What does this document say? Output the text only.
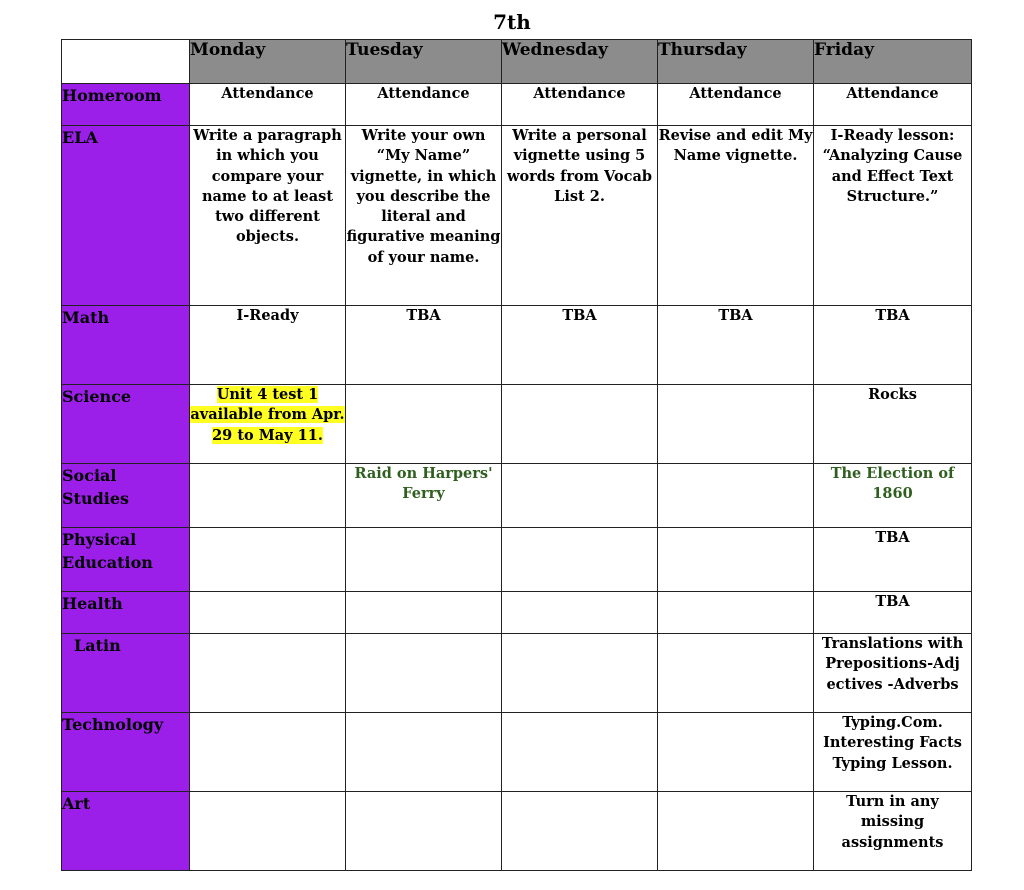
7th
	Monday	Tuesday	Wednesday	Thursday	Friday
Homeroom	Attendance	Attendance	Attendance	Attendance	Attendance
ELA	Write a paragraph in which you compare your name to at least two different objects.	Write your own “My Name” vignette, in which you describe the literal and figurative meaning of your name.	Write a personal vignette using 5 words from Vocab List 2.	Revise and edit My Name vignette.	I-Ready lesson: “Analyzing Cause and Effect Text Structure.”
Math	I-Ready	TBA	TBA	TBA	TBA
Science	Unit 4 test 1 available from Apr. 29 to May 11.				Rocks
Social Studies		Raid on Harpers' Ferry			The Election of 1860
Physical Education					TBA
Health					TBA
Latin					Translations with Prepositions-Adj ectives -Adverbs
Technology					Typing.Com. Interesting Facts Typing Lesson.
Art					Turn in any missing assignments
